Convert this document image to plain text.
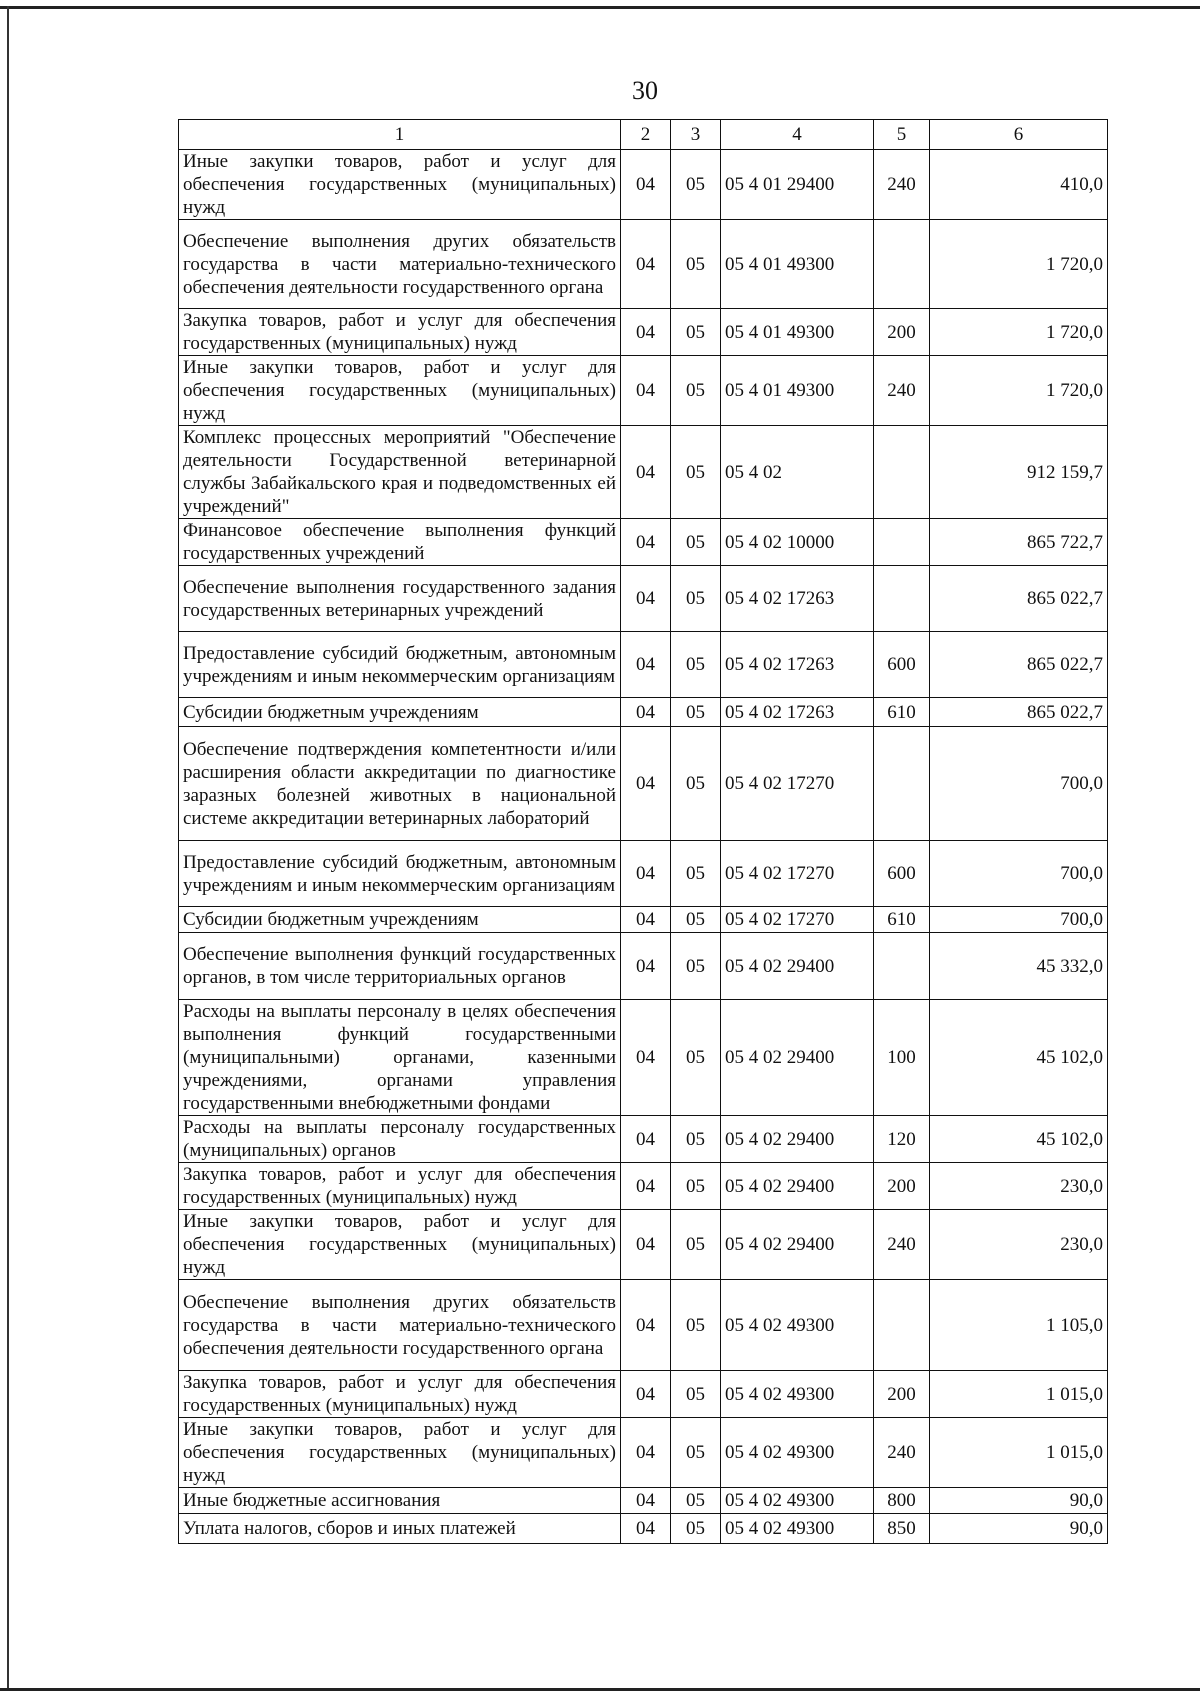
30
1	2	3	4	5	6
Иные закупки товаров, работ и услуг для обеспечения государственных (муниципальных) нужд	04	05	05 4 01 29400	240	410,0
Обеспечение выполнения других обязательств государства в части материально-технического обеспечения деятельности государственного органа	04	05	05 4 01 49300		1 720,0
Закупка товаров, работ и услуг для обеспечения государственных (муниципальных) нужд	04	05	05 4 01 49300	200	1 720,0
Иные закупки товаров, работ и услуг для обеспечения государственных (муниципальных) нужд	04	05	05 4 01 49300	240	1 720,0
Комплекс процессных мероприятий "Обеспечение деятельности Государственной ветеринарной службы Забайкальского края и подведомственных ей учреждений"	04	05	05 4 02		912 159,7
Финансовое обеспечение выполнения функций государственных учреждений	04	05	05 4 02 10000		865 722,7
Обеспечение выполнения государственного задания государственных ветеринарных учреждений	04	05	05 4 02 17263		865 022,7
Предоставление субсидий бюджетным, автономным учреждениям и иным некоммерческим организациям	04	05	05 4 02 17263	600	865 022,7
Субсидии бюджетным учреждениям	04	05	05 4 02 17263	610	865 022,7
Обеспечение подтверждения компетентности и/или расширения области аккредитации по диагностике заразных болезней животных в национальной системе аккредитации ветеринарных лабораторий	04	05	05 4 02 17270		700,0
Предоставление субсидий бюджетным, автономным учреждениям и иным некоммерческим организациям	04	05	05 4 02 17270	600	700,0
Субсидии бюджетным учреждениям	04	05	05 4 02 17270	610	700,0
Обеспечение выполнения функций государственных органов, в том числе территориальных органов	04	05	05 4 02 29400		45 332,0
Расходы на выплаты персоналу в целях обеспечения выполнения функций государственными (муниципальными) органами, казенными учреждениями, органами управления государственными внебюджетными фондами	04	05	05 4 02 29400	100	45 102,0
Расходы на выплаты персоналу государственных (муниципальных) органов	04	05	05 4 02 29400	120	45 102,0
Закупка товаров, работ и услуг для обеспечения государственных (муниципальных) нужд	04	05	05 4 02 29400	200	230,0
Иные закупки товаров, работ и услуг для обеспечения государственных (муниципальных) нужд	04	05	05 4 02 29400	240	230,0
Обеспечение выполнения других обязательств государства в части материально-технического обеспечения деятельности государственного органа	04	05	05 4 02 49300		1 105,0
Закупка товаров, работ и услуг для обеспечения государственных (муниципальных) нужд	04	05	05 4 02 49300	200	1 015,0
Иные закупки товаров, работ и услуг для обеспечения государственных (муниципальных) нужд	04	05	05 4 02 49300	240	1 015,0
Иные бюджетные ассигнования	04	05	05 4 02 49300	800	90,0
Уплата налогов, сборов и иных платежей	04	05	05 4 02 49300	850	90,0
